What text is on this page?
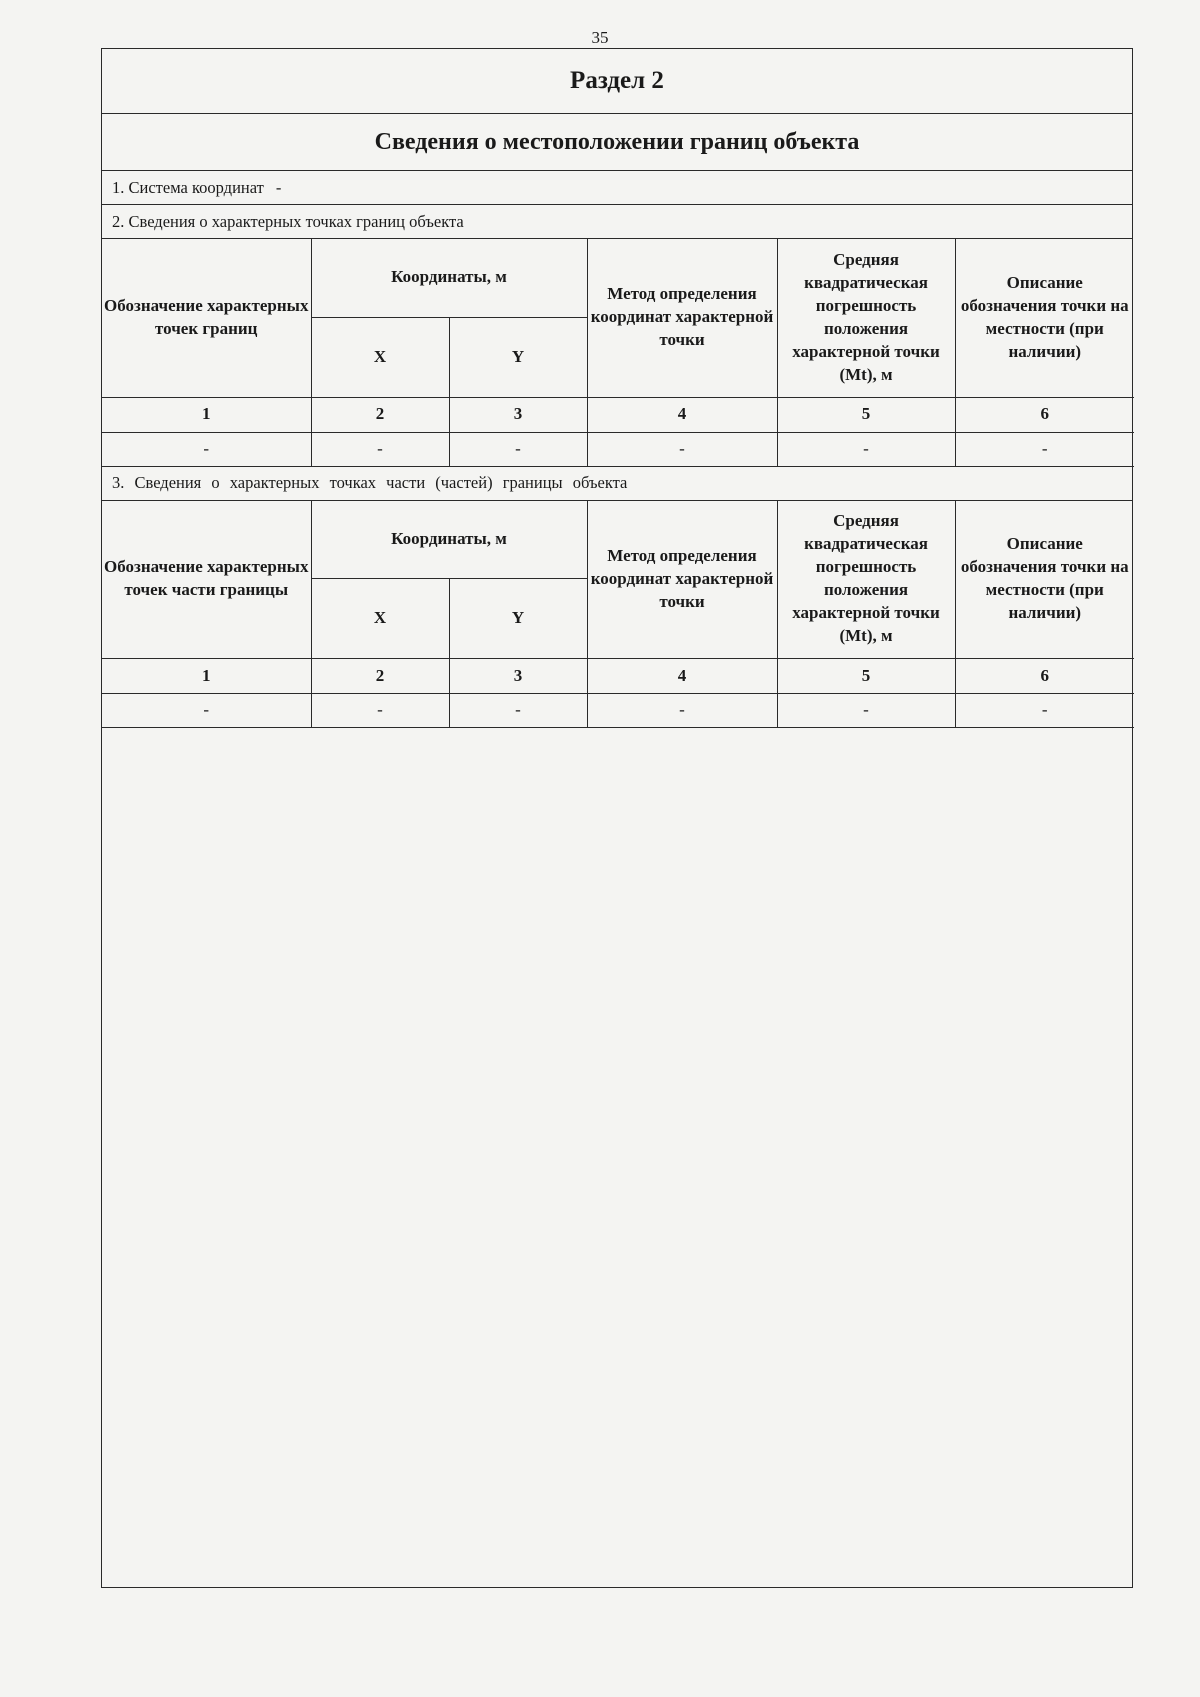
35
Раздел 2
Сведения о местоположении границ объекта
1. Система координат -
2. Сведения о характерных точках границ объекта
Обозначение характерных точек границ	Координаты, м		Метод определения координат характерной точки	Средняя квадратическая погрешность положения характерной точки (Mt), м	Описание обозначения точки на местности (при наличии)
	X	Y			
1	2	3	4	5	6
-	-	-	-	-	-
3. Сведения о характерных точках части (частей) границы объекта
Обозначение характерных точек части границы	Координаты, м		Метод определения координат характерной точки	Средняя квадратическая погрешность положения характерной точки (Mt), м	Описание обозначения точки на местности (при наличии)
	X	Y			
1	2	3	4	5	6
-	-	-	-	-	-
